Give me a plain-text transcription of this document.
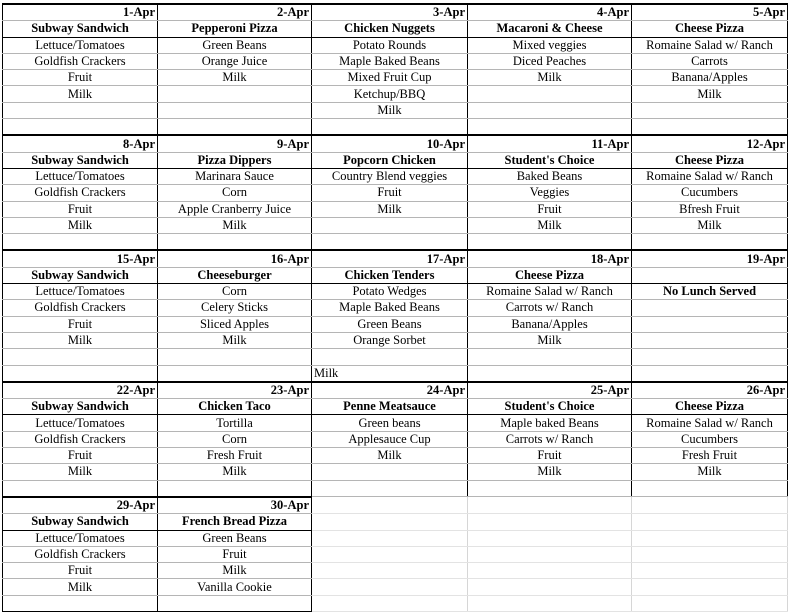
1-Apr	2-Apr	3-Apr	4-Apr	5-Apr
Subway Sandwich	Pepperoni Pizza	Chicken Nuggets	Macaroni & Cheese	Cheese Pizza
Lettuce/Tomatoes	Green Beans	Potato Rounds	Mixed veggies	Romaine Salad w/ Ranch
Goldfish Crackers	Orange Juice	Maple Baked Beans	Diced Peaches	Carrots
Fruit	Milk	Mixed Fruit Cup	Milk	Banana/Apples
Milk		Ketchup/BBQ		Milk
		Milk		

8-Apr	9-Apr	10-Apr	11-Apr	12-Apr
Subway Sandwich	Pizza Dippers	Popcorn Chicken	Student's Choice	Cheese Pizza
Lettuce/Tomatoes	Marinara Sauce	Country Blend veggies	Baked Beans	Romaine Salad w/ Ranch
Goldfish Crackers	Corn	Fruit	Veggies	Cucumbers
Fruit	Apple Cranberry Juice	Milk	Fruit	Bfresh Fruit
Milk	Milk		Milk	Milk

15-Apr	16-Apr	17-Apr	18-Apr	19-Apr
Subway Sandwich	Cheeseburger	Chicken Tenders	Cheese Pizza	
Lettuce/Tomatoes	Corn	Potato Wedges	Romaine Salad w/ Ranch	No Lunch Served
Goldfish Crackers	Celery Sticks	Maple Baked Beans	Carrots w/ Ranch	
Fruit	Sliced Apples	Green Beans	Banana/Apples	
Milk	Milk	Orange Sorbet	Milk	

		Milk		
22-Apr	23-Apr	24-Apr	25-Apr	26-Apr
Subway Sandwich	Chicken Taco	Penne Meatsauce	Student's Choice	Cheese Pizza
Lettuce/Tomatoes	Tortilla	Green beans	Maple baked Beans	Romaine Salad w/ Ranch
Goldfish Crackers	Corn	Applesauce Cup	Carrots w/ Ranch	Cucumbers
Fruit	Fresh Fruit	Milk	Fruit	Fresh Fruit
Milk	Milk		Milk	Milk

29-Apr	30-Apr			
Subway Sandwich	French Bread Pizza			
Lettuce/Tomatoes	Green Beans			
Goldfish Crackers	Fruit			
Fruit	Milk			
Milk	Vanilla Cookie			
